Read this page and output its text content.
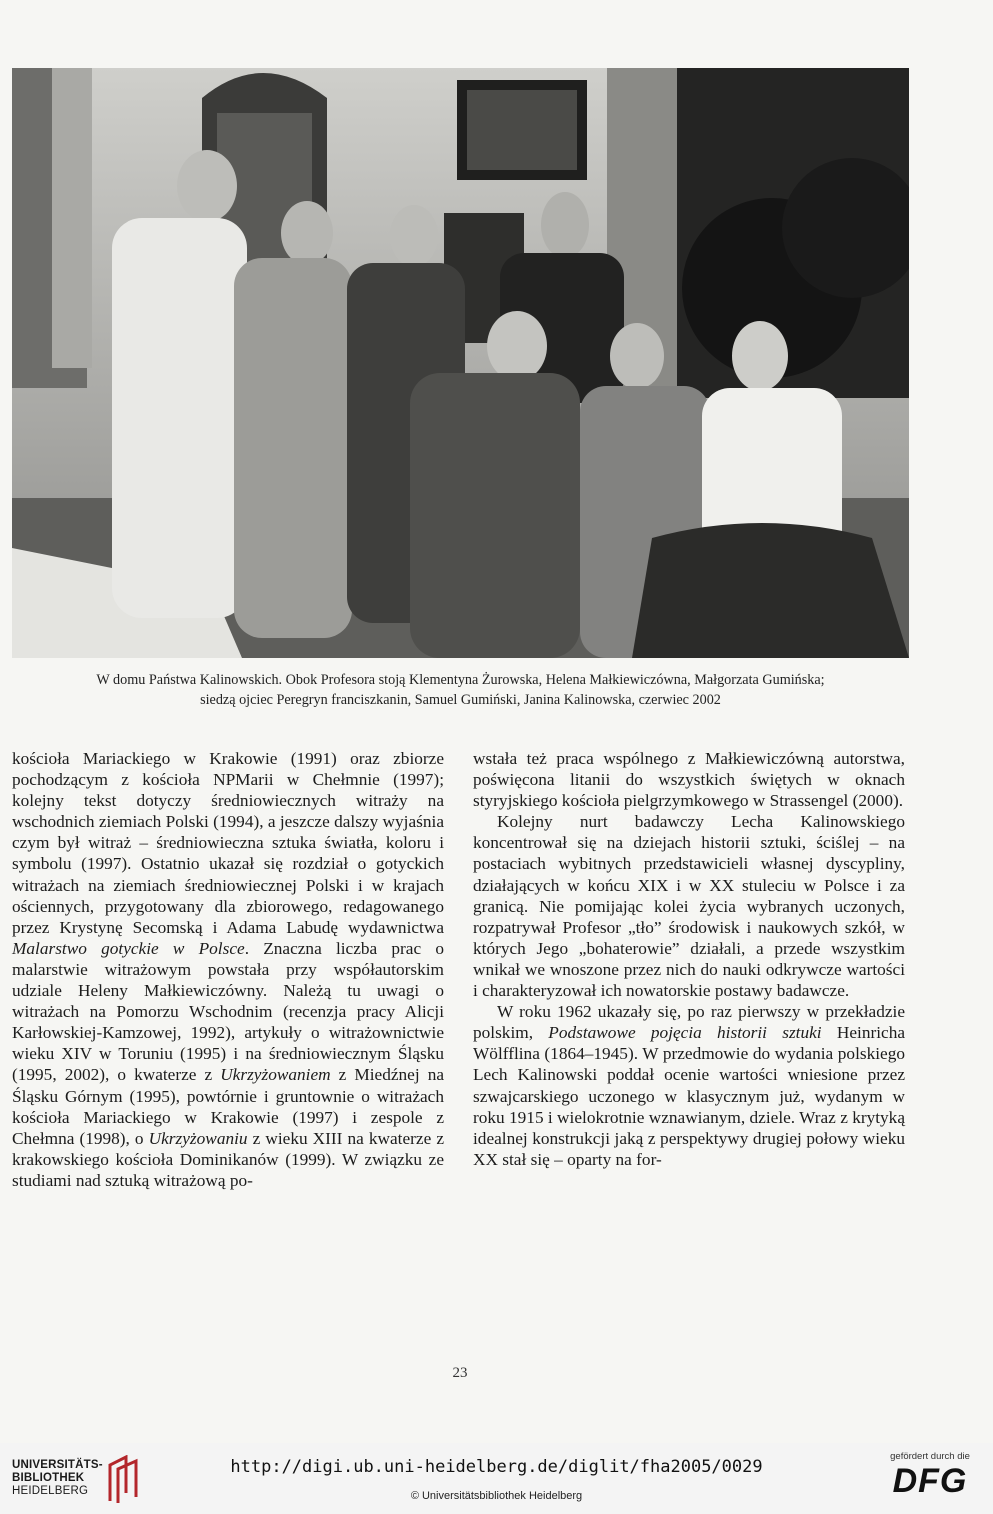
W domu Państwa Kalinowskich. Obok Profesora stoją Klementyna Żurowska, Helena Małkiewiczówna, Małgorzata Gumińska;
siedzą ojciec Peregryn franciszkanin, Samuel Gumiński, Janina Kalinowska, czerwiec 2002

kościoła Mariackiego w Krakowie (1991) oraz zbiorze pochodzącym z kościoła NPMarii w Chełmnie (1997); kolejny tekst dotyczy średniowiecznych witraży na wschodnich ziemiach Polski (1994), a jeszcze dalszy wyjaśnia czym był witraż – średniowieczna sztuka światła, koloru i symbolu (1997). Ostatnio ukazał się rozdział o gotyckich witrażach na ziemiach średniowiecznej Polski i w krajach ościennych, przygotowany dla zbiorowego, redagowanego przez Krystynę Secomską i Adama Labudę wydawnictwa Malarstwo gotyckie w Polsce. Znaczna liczba prac o malarstwie witrażowym powstała przy współautorskim udziale Heleny Małkiewiczówny. Należą tu uwagi o witrażach na Pomorzu Wschodnim (recenzja pracy Alicji Karłowskiej-Kamzowej, 1992), artykuły o witrażownictwie wieku XIV w Toruniu (1995) i na średniowiecznym Śląsku (1995, 2002), o kwaterze z Ukrzyżowaniem z Miedźnej na Śląsku Górnym (1995), powtórnie i gruntownie o witrażach kościoła Mariackiego w Krakowie (1997) i zespole z Chełmna (1998), o Ukrzyżowaniu z wieku XIII na kwaterze z krakowskiego kościoła Dominikanów (1999). W związku ze studiami nad sztuką witrażową po-

wstała też praca wspólnego z Małkiewiczówną autorstwa, poświęcona litanii do wszystkich świętych w oknach styryjskiego kościoła pielgrzymkowego w Strassengel (2000).

Kolejny nurt badawczy Lecha Kalinowskiego koncentrował się na dziejach historii sztuki, ściślej – na postaciach wybitnych przedstawicieli własnej dyscypliny, działających w końcu XIX i w XX stuleciu w Polsce i za granicą. Nie pomijając kolei życia wybranych uczonych, rozpatrywał Profesor „tło” środowisk i naukowych szkół, w których Jego „bohaterowie” działali, a przede wszystkim wnikał we wnoszone przez nich do nauki odkrywcze wartości i charakteryzował ich nowatorskie postawy badawcze.

W roku 1962 ukazały się, po raz pierwszy w przekładzie polskim, Podstawowe pojęcia historii sztuki Heinricha Wölfflina (1864–1945). W przedmowie do wydania polskiego Lech Kalinowski poddał ocenie wartości wniesione przez szwajcarskiego uczonego w klasycznym już, wydanym w roku 1915 i wielokrotnie wznawianym, dziele. Wraz z krytyką idealnej konstrukcji jaką z perspektywy drugiej połowy wieku XX stał się – oparty na for-

23
UNIVERSITÄTS-
BIBLIOTHEK
HEIDELBERG
http://digi.ub.uni-heidelberg.de/diglit/fha2005/0029
© Universitätsbibliothek Heidelberg
gefördert durch die
DFG
